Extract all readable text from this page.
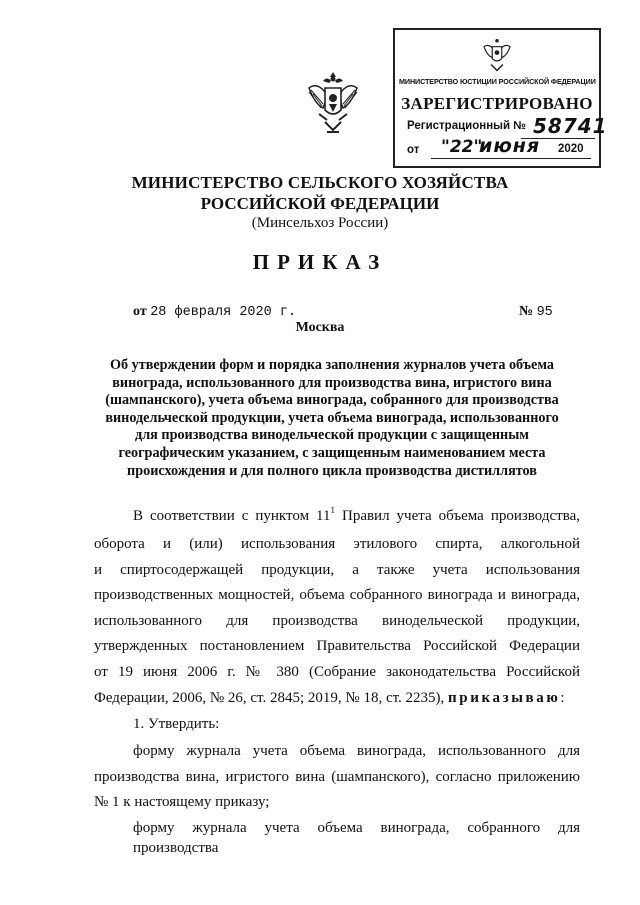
МИНИСТЕРСТВО ЮСТИЦИИ РОССИЙСКОЙ ФЕДЕРАЦИИ
ЗАРЕГИСТРИРОВАНО
Регистрационный № 58741
от "22"
июня 2020
МИНИСТЕРСТВО СЕЛЬСКОГО ХОЗЯЙСТВА
РОССИЙСКОЙ ФЕДЕРАЦИИ
(Минсельхоз России)
ПРИКАЗ
от 28 февраля 2020 г.	№ 95
Москва
Об утверждении форм и порядка заполнения журналов учета объема
винограда, использованного для производства вина, игристого вина
(шампанского), учета объема винограда, собранного для производства
винодельческой продукции, учета объема винограда, использованного
для производства винодельческой продукции с защищенным
географическим указанием, с защищенным наименованием места
происхождения и для полного цикла производства дистиллятов
В соответствии с пунктом $11^1$ Правил учета объема производства,
оборота и (или) использования этилового спирта, алкогольной
и спиртосодержащей продукции, а также учета использования
производственных мощностей, объема собранного винограда и винограда,
использованного для производства винодельческой продукции,
утвержденных постановлением Правительства Российской Федерации
от 19 июня 2006 г. № 380 (Собрание законодательства Российской
Федерации, 2006, № 26, ст. 2845; 2019, № 18, ст. 2235), приказываю:
1. Утвердить:
форму журнала учета объема винограда, использованного для
производства вина, игристого вина (шампанского), согласно приложению
№ 1 к настоящему приказу;
форму журнала учета объема винограда, собранного для производства
